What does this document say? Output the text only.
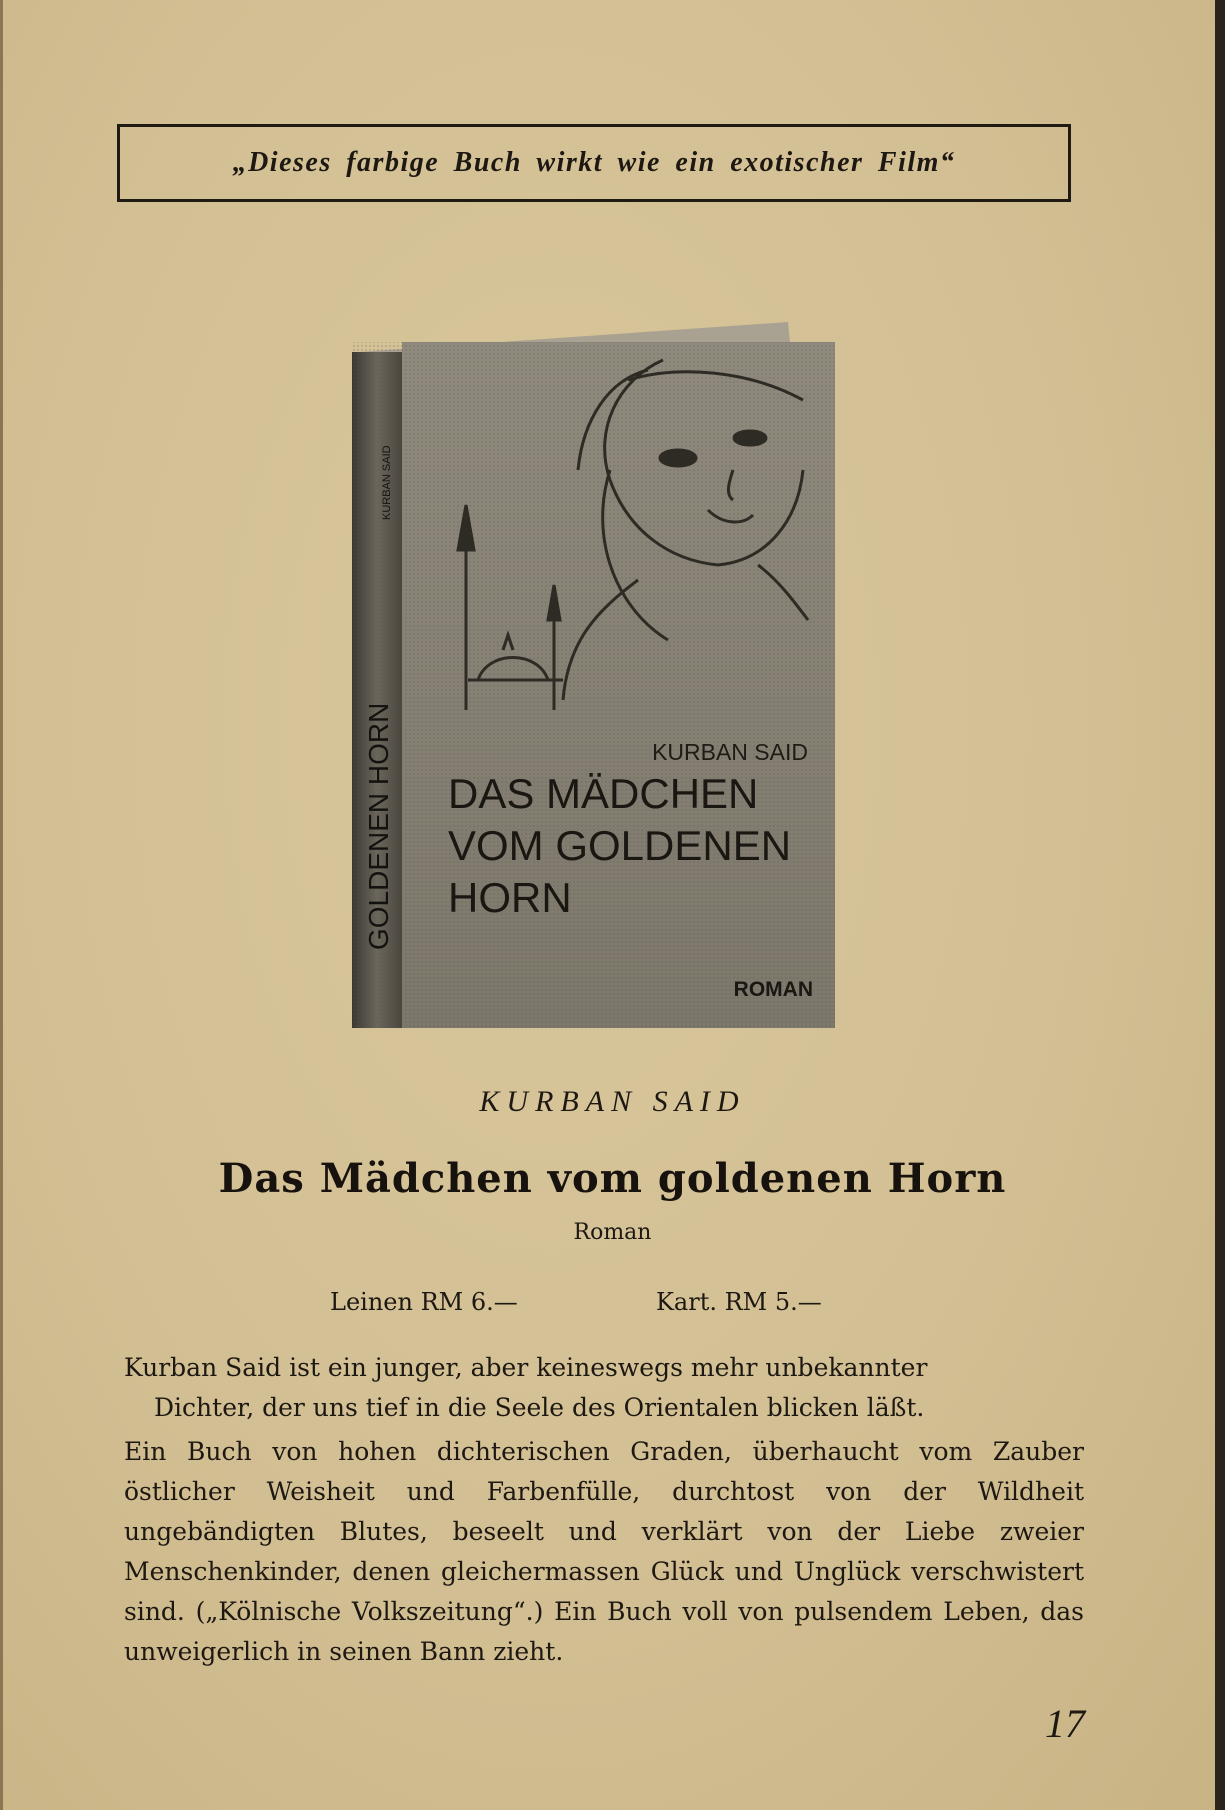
„Dieses farbige Buch wirkt wie ein exotischer Film“
KURBAN SAID
DAS MÄDCHEN
VOM GOLDENEN
HORN
ROMAN
GOLDENEN HORN
KURBAN SAID
KURBAN SAID
Das Mädchen vom goldenen Horn
Roman
Leinen RM 6.—	Kart. RM 5.—
Kurban Said ist ein junger, aber keineswegs mehr unbekannter
Dichter, der uns tief in die Seele des Orientalen blicken läßt.
Ein Buch von hohen dichterischen Graden, überhaucht vom Zauber östlicher Weisheit und Farbenfülle, durchtost von der Wildheit ungebändigten Blutes, beseelt und verklärt von der Liebe zweier Menschenkinder, denen gleichermassen Glück und Unglück verschwistert sind. („Kölnische Volkszeitung“.) Ein Buch voll von pulsendem Leben, das unweigerlich in seinen Bann zieht.
17
